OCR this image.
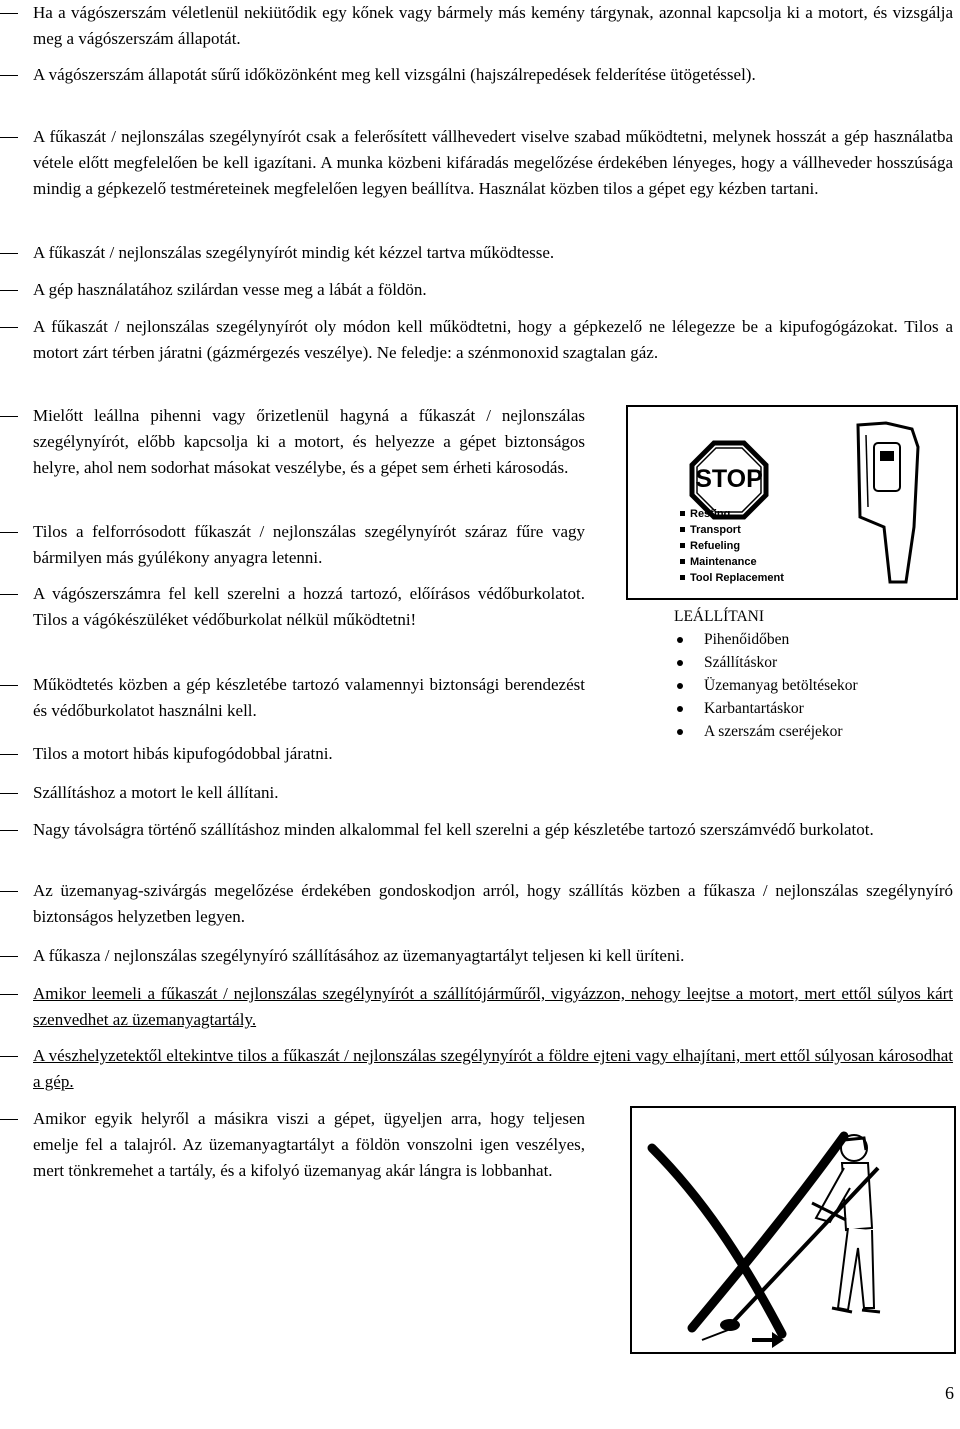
Ha a vágószerszám véletlenül nekiütődik egy kőnek vagy bármely más kemény tárgynak, azonnal kapcsolja ki a motort, és vizsgálja meg a vágószerszám állapotát.
A vágószerszám állapotát sűrű időközönként meg kell vizsgálni (hajszálrepedések felderítése ütögetéssel).
A fűkaszát / nejlonszálas szegélynyírót csak a felerősített vállhevedert viselve szabad működtetni, melynek hosszát a gép használatba vétele előtt megfelelően be kell igazítani. A munka közbeni kifáradás megelőzése érdekében lényeges, hogy a vállheveder hosszúsága mindig a gépkezelő testméreteinek megfelelően legyen beállítva. Használat közben tilos a gépet egy kézben tartani.
A fűkaszát / nejlonszálas szegélynyírót mindig két kézzel tartva működtesse.
A gép használatához szilárdan vesse meg a lábát a földön.
A fűkaszát / nejlonszálas szegélynyírót oly módon kell működtetni, hogy a gépkezelő ne lélegezze be a kipufogógázokat. Tilos a motort zárt térben járatni (gázmérgezés veszélye). Ne feledje: a szénmonoxid szagtalan gáz.
Mielőtt leállna pihenni vagy őrizetlenül hagyná a fűkaszát / nejlonszálas szegélynyírót, előbb kapcsolja ki a motort, és helyezze a gépet biztonságos helyre, ahol nem sodorhat másokat veszélybe, és a gépet sem érheti károsodás.
Tilos a felforrósodott fűkaszát / nejlonszálas szegélynyírót száraz fűre vagy bármilyen más gyúlékony anyagra letenni.
A vágószerszámra fel kell szerelni a hozzá tartozó, előírásos védőburkolatot. Tilos a vágókészüléket védőburkolat nélkül működtetni!
Működtetés közben a gép készletébe tartozó valamennyi biztonsági berendezést és védőburkolatot használni kell.
Tilos a motort hibás kipufogódobbal járatni.
Szállításhoz a motort le kell állítani.
Nagy távolságra történő szállításhoz minden alkalommal fel kell szerelni a gép készletébe tartozó szerszámvédő burkolatot.
Az üzemanyag-szivárgás megelőzése érdekében gondoskodjon arról, hogy szállítás közben a fűkasza / nejlonszálas szegélynyíró biztonságos helyzetben legyen.
A fűkasza / nejlonszálas szegélynyíró szállításához az üzemanyagtartályt teljesen ki kell üríteni.
Amikor leemeli a fűkaszát / nejlonszálas szegélynyírót a szállítójárműről, vigyázzon, nehogy leejtse a motort, mert ettől súlyos kárt szenvedhet az üzemanyagtartály.
A vészhelyzetektől eltekintve tilos a fűkaszát / nejlonszálas szegélynyírót a földre ejteni vagy elhajítani, mert ettől súlyosan károsodhat a gép.
Amikor egyik helyről a másikra viszi a gépet, ügyeljen arra, hogy teljesen emelje fel a talajról. Az üzemanyagtartályt a földön vonszolni igen veszélyes, mert tönkremehet a tartály, és a kifolyó üzemanyag akár lángra is lobbanhat.
STOP
Resting
Transport
Refueling
Maintenance
Tool Replacement
LEÁLLÍTANI
Pihenőidőben
Szállításkor
Üzemanyag betöltésekor
Karbantartáskor
A szerszám cseréjekor
6
